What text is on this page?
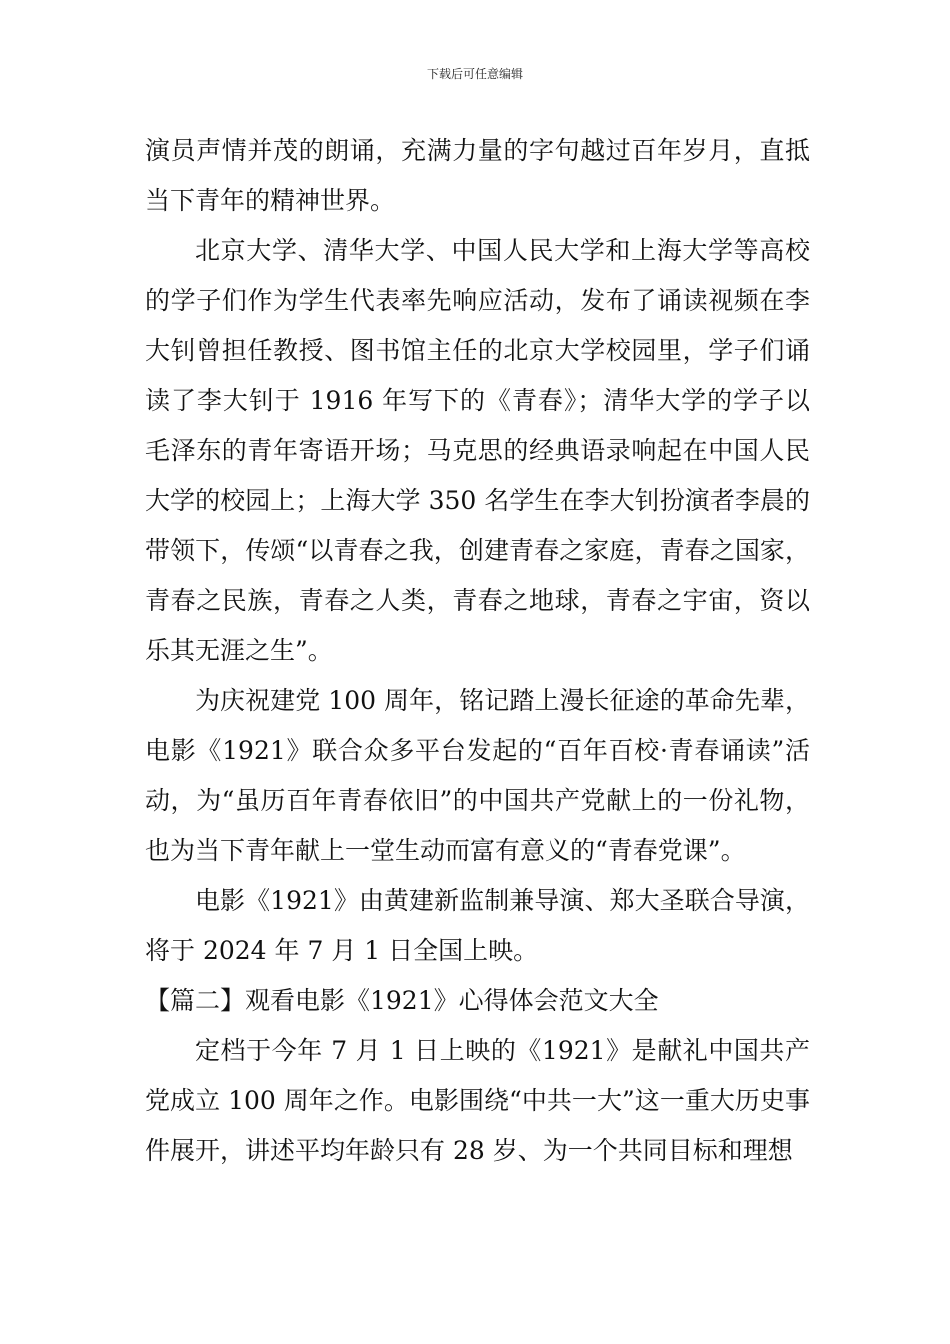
下载后可任意编辑

演员声情并茂的朗诵，充满力量的字句越过百年岁月，直抵当下青年的精神世界。

北京大学、清华大学、中国人民大学和上海大学等高校的学子们作为学生代表率先响应活动，发布了诵读视频在李大钊曾担任教授、图书馆主任的北京大学校园里，学子们诵读了李大钊于 1916 年写下的《青春》；清华大学的学子以毛泽东的青年寄语开场；马克思的经典语录响起在中国人民大学的校园上；上海大学 350 名学生在李大钊扮演者李晨的带领下，传颂“以青春之我，创建青春之家庭，青春之国家，青春之民族，青春之人类，青春之地球，青春之宇宙，资以乐其无涯之生”。

为庆祝建党 100 周年，铭记踏上漫长征途的革命先辈，电影《1921》联合众多平台发起的“百年百校·青春诵读”活动，为“虽历百年青春依旧”的中国共产党献上的一份礼物，也为当下青年献上一堂生动而富有意义的“青春党课”。

电影《1921》由黄建新监制兼导演、郑大圣联合导演，将于 2024 年 7 月 1 日全国上映。

【篇二】观看电影《1921》心得体会范文大全

定档于今年 7 月 1 日上映的《1921》是献礼中国共产党成立 100 周年之作。电影围绕“中共一大”这一重大历史事件展开，讲述平均年龄只有 28 岁、为一个共同目标和理想
